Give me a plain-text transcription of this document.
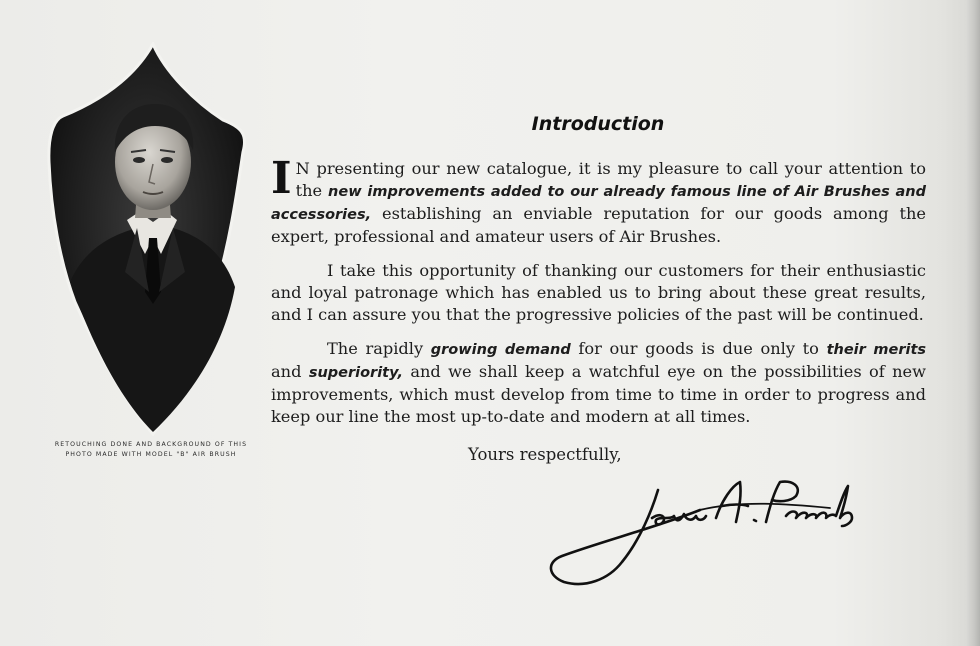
RETOUCHING DONE AND BACKGROUND OF THIS
PHOTO MADE WITH MODEL "B" AIR BRUSH
Introduction

I N presenting our new catalogue, it is my pleasure to call your attention to the new improvements added to our already famous line of Air Brushes and accessories, establishing an enviable reputation for our goods among the expert, professional and amateur users of Air Brushes.

I take this opportunity of thanking our customers for their enthusiastic and loyal patronage which has enabled us to bring about these great results, and I can assure you that the progressive policies of the past will be continued.

The rapidly growing demand for our goods is due only to their merits and superiority, and we shall keep a watchful eye on the possibilities of new improvements, which must develop from time to time in order to progress and keep our line the most up-to-date and modern at all times.

Yours respectfully,
